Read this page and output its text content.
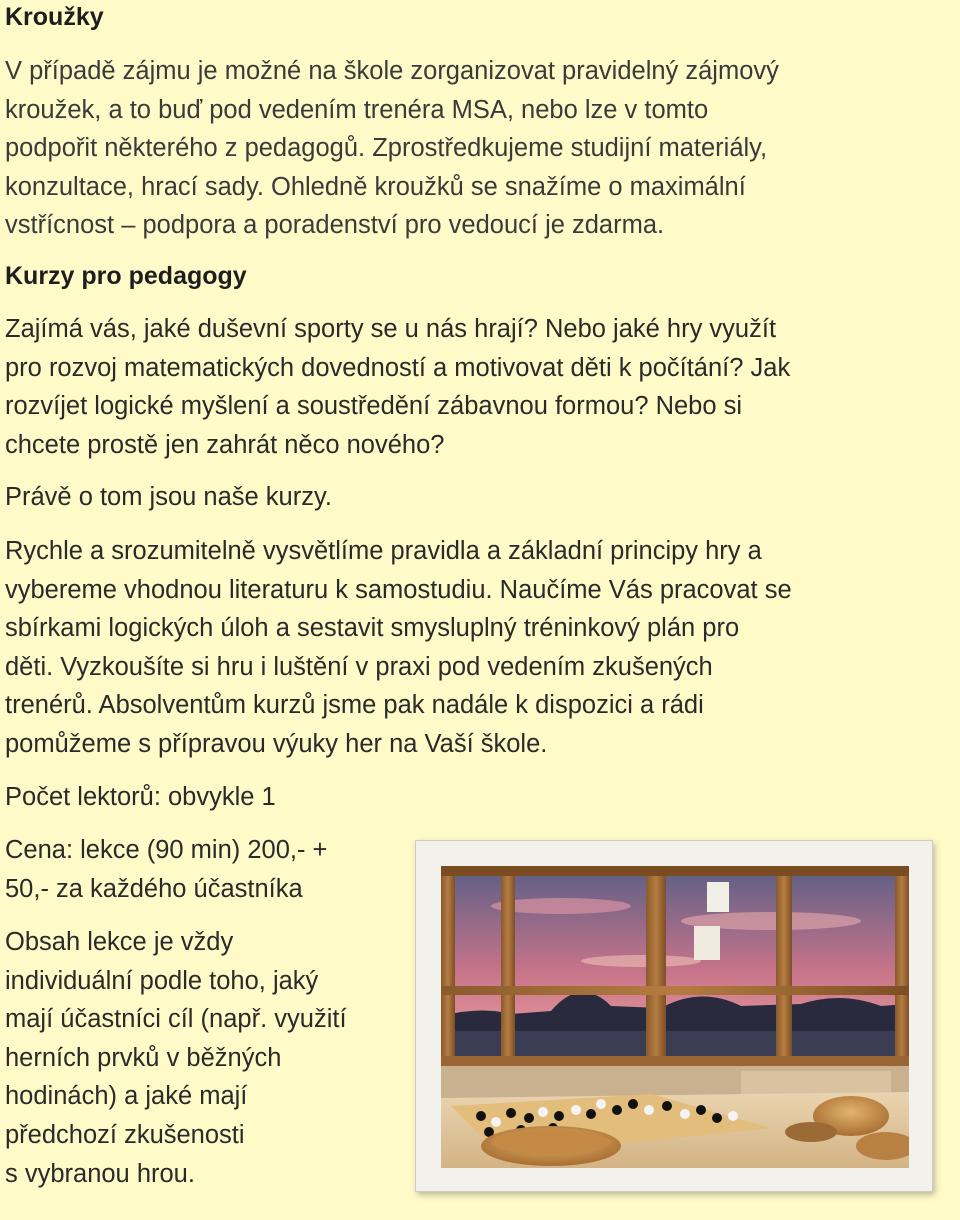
Kroužky

V případě zájmu je možné na škole zorganizovat pravidelný zájmový
kroužek, a to buď pod vedením trenéra MSA, nebo lze v tomto
podpořit některého z pedagogů. Zprostředkujeme studijní materiály,
konzultace, hrací sady. Ohledně kroužků se snažíme o maximální
vstřícnost – podpora a poradenství pro vedoucí je zdarma.

Kurzy pro pedagogy

Zajímá vás, jaké duševní sporty se u nás hrají? Nebo jaké hry využít
pro rozvoj matematických dovedností a motivovat děti k počítání? Jak
rozvíjet logické myšlení a soustředění zábavnou formou? Nebo si
chcete prostě jen zahrát něco nového?

Právě o tom jsou naše kurzy.

Rychle a srozumitelně vysvětlíme pravidla a základní principy hry a
vybereme vhodnou literaturu k samostudiu. Naučíme Vás pracovat se
sbírkami logických úloh a sestavit smysluplný tréninkový plán pro
děti. Vyzkoušíte si hru i luštění v praxi pod vedením zkušených
trenérů. Absolventům kurzů jsme pak nadále k dispozici a rádi
pomůžeme s přípravou výuky her na Vaší škole.

Počet lektorů: obvykle 1

Cena: lekce (90 min) 200,- +
50,- za každého účastníka

Obsah lekce je vždy
individuální podle toho, jaký
mají účastníci cíl (např. využití
herních prvků v běžných
hodinách) a jaké mají
předchozí zkušenosti
s vybranou hrou.
